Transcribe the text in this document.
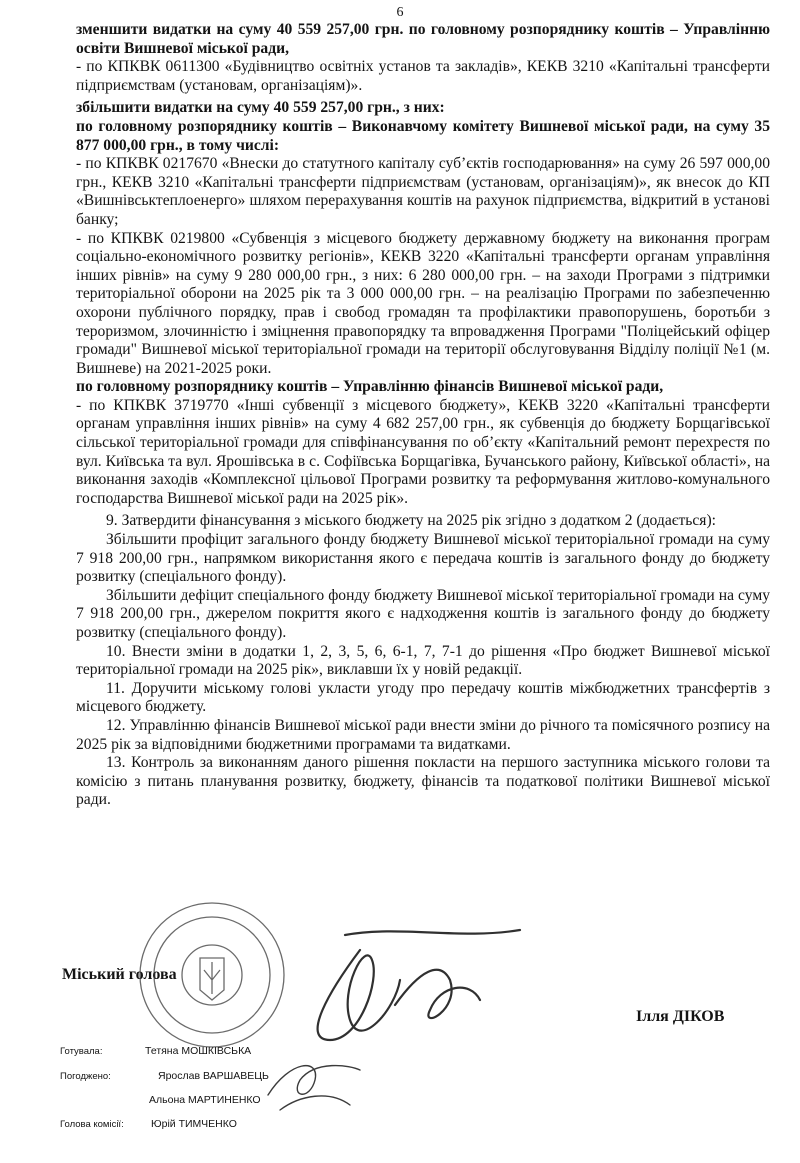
6

зменшити видатки на суму 40 559 257,00 грн. по головному розпоряднику коштів – Управлінню освіти Вишневої міської ради,

- по КПКВК 0611300 «Будівництво освітніх установ та закладів», КЕКВ 3210 «Капітальні трансферти підприємствам (установам, організаціям)».

збільшити видатки на суму 40 559 257,00 грн., з них:

по головному розпоряднику коштів – Виконавчому комітету Вишневої міської ради, на суму 35 877 000,00 грн., в тому числі:

- по КПКВК 0217670 «Внески до статутного капіталу суб’єктів господарювання» на суму 26 597 000,00 грн., КЕКВ 3210 «Капітальні трансферти підприємствам (установам, організаціям)», як внесок до КП «Вишнівськтеплоенерго» шляхом перерахування коштів на рахунок підприємства, відкритий в установі банку;

- по КПКВК 0219800 «Субвенція з місцевого бюджету державному бюджету на виконання програм соціально-економічного розвитку регіонів», КЕКВ 3220 «Капітальні трансферти органам управління інших рівнів» на суму 9 280 000,00 грн., з них: 6 280 000,00 грн. – на заходи Програми з підтримки територіальної оборони на 2025 рік та 3 000 000,00 грн. – на реалізацію Програми по забезпеченню охорони публічного порядку, прав і свобод громадян та профілактики правопорушень, боротьби з тероризмом, злочинністю і зміцнення правопорядку та впровадження Програми "Поліцейський офіцер громади" Вишневої міської територіальної громади на території обслуговування Відділу поліції №1 (м. Вишневе) на 2021-2025 роки.

по головному розпоряднику коштів – Управлінню фінансів Вишневої міської ради,

- по КПКВК 3719770 «Інші субвенції з місцевого бюджету», КЕКВ 3220 «Капітальні трансферти органам управління інших рівнів» на суму 4 682 257,00 грн., як субвенція до бюджету Борщагівської сільської територіальної громади для співфінансування по об’єкту «Капітальний ремонт перехрестя по вул. Київська та вул. Ярошівська в с. Софіївська Борщагівка, Бучанського району, Київської області», на виконання заходів «Комплексної цільової Програми розвитку та реформування житлово-комунального господарства Вишневої міської ради на 2025 рік».

9. Затвердити фінансування з міського бюджету на 2025 рік згідно з додатком 2 (додається):

Збільшити профіцит загального фонду бюджету Вишневої міської територіальної громади на суму 7 918 200,00 грн., напрямком використання якого є передача коштів із загального фонду до бюджету розвитку (спеціального фонду).

Збільшити дефіцит спеціального фонду бюджету Вишневої міської територіальної громади на суму 7 918 200,00 грн., джерелом покриття якого є надходження коштів із загального фонду до бюджету розвитку (спеціального фонду).

10. Внести зміни в додатки 1, 2, 3, 5, 6, 6-1, 7, 7-1 до рішення «Про бюджет Вишневої міської територіальної громади на 2025 рік», виклавши їх у новій редакції.

11. Доручити міському голові укласти угоду про передачу коштів міжбюджетних трансфертів з місцевого бюджету.

12. Управлінню фінансів Вишневої міської ради внести зміни до річного та помісячного розпису на 2025 рік за відповідними бюджетними програмами та видатками.

13. Контроль за виконанням даного рішення покласти на першого заступника міського голови та комісію з питань планування розвитку, бюджету, фінансів та податкової політики Вишневої міської ради.

Міський голова
Ілля ДІКОВ
Готувала:	Тетяна МОШКІВСЬКА
Погоджено:	Ярослав ВАРШАВЕЦЬ
Альона МАРТИНЕНКО
Голова комісії:	Юрій ТИМЧЕНКО
